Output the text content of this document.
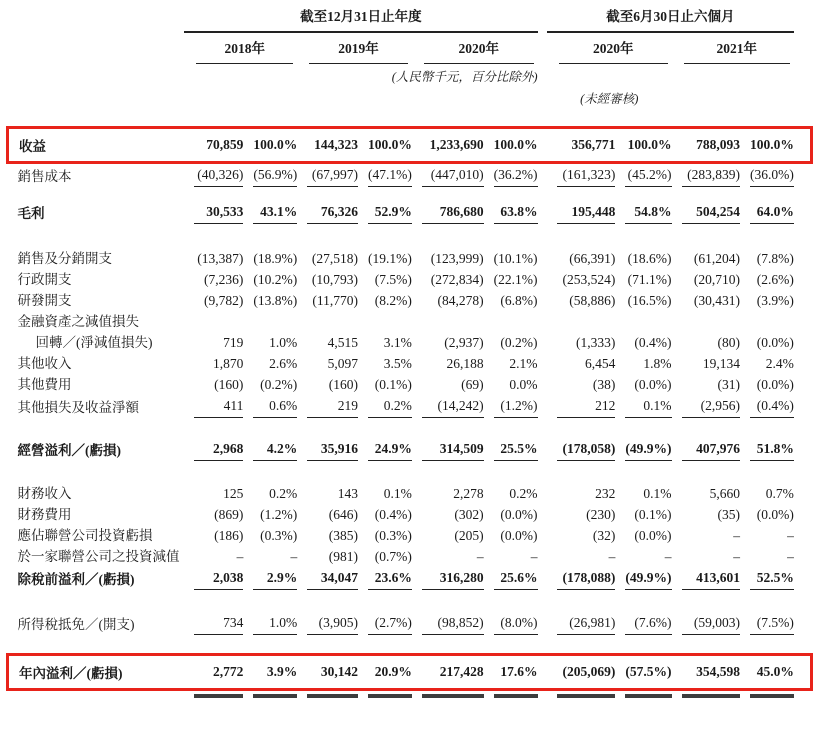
	截至12月31日止年度							截至6月30日止六個月				

	2018年		2019年		2020年			2020年		2021年		

	(人民幣千元，百分比除外)											
								(未經審核)				
收益	70,859	100.0%	144,323	100.0%	1,233,690	100.0%		356,771	100.0%	788,093	100.0%	

銷售成本	(40,326)	(56.9%)	(67,997)	(47.1%)	(447,010)	(36.2%)		(161,323)	(45.2%)	(283,839)	(36.0%)	

毛利	30,533	43.1%	76,326	52.9%	786,680	63.8%		195,448	54.8%	504,254	64.0%	

銷售及分銷開支	(13,387)	(18.9%)	(27,518)	(19.1%)	(123,999)	(10.1%)		(66,391)	(18.6%)	(61,204)	(7.8%)	

行政開支	(7,236)	(10.2%)	(10,793)	(7.5%)	(272,834)	(22.1%)		(253,524)	(71.1%)	(20,710)	(2.6%)	

研發開支	(9,782)	(13.8%)	(11,770)	(8.2%)	(84,278)	(6.8%)		(58,886)	(16.5%)	(30,431)	(3.9%)	

金融資產之減值損失												
回轉／(淨減值損失)	719	1.0%	4,515	3.1%	(2,937)	(0.2%)		(1,333)	(0.4%)	(80)	(0.0%)	

其他收入	1,870	2.6%	5,097	3.5%	26,188	2.1%		6,454	1.8%	19,134	2.4%	

其他費用	(160)	(0.2%)	(160)	(0.1%)	(69)	0.0%		(38)	(0.0%)	(31)	(0.0%)	

其他損失及收益淨額	411	0.6%	219	0.2%	(14,242)	(1.2%)		212	0.1%	(2,956)	(0.4%)	

經營溢利／(虧損)	2,968	4.2%	35,916	24.9%	314,509	25.5%		(178,058)	(49.9%)	407,976	51.8%	

財務收入	125	0.2%	143	0.1%	2,278	0.2%		232	0.1%	5,660	0.7%	

財務費用	(869)	(1.2%)	(646)	(0.4%)	(302)	(0.0%)		(230)	(0.1%)	(35)	(0.0%)	

應佔聯營公司投資虧損	(186)	(0.3%)	(385)	(0.3%)	(205)	(0.0%)		(32)	(0.0%)	–	–	

於一家聯營公司之投資減值	–	–	(981)	(0.7%)	–	–		–	–	–	–	

除稅前溢利／(虧損)	2,038	2.9%	34,047	23.6%	316,280	25.6%		(178,088)	(49.9%)	413,601	52.5%	

所得稅抵免／(開支)	734	1.0%	(3,905)	(2.7%)	(98,852)	(8.0%)		(26,981)	(7.6%)	(59,003)	(7.5%)	

年內溢利／(虧損)	2,772	3.9%	30,142	20.9%	217,428	17.6%		(205,069)	(57.5%)	354,598	45.0%	
